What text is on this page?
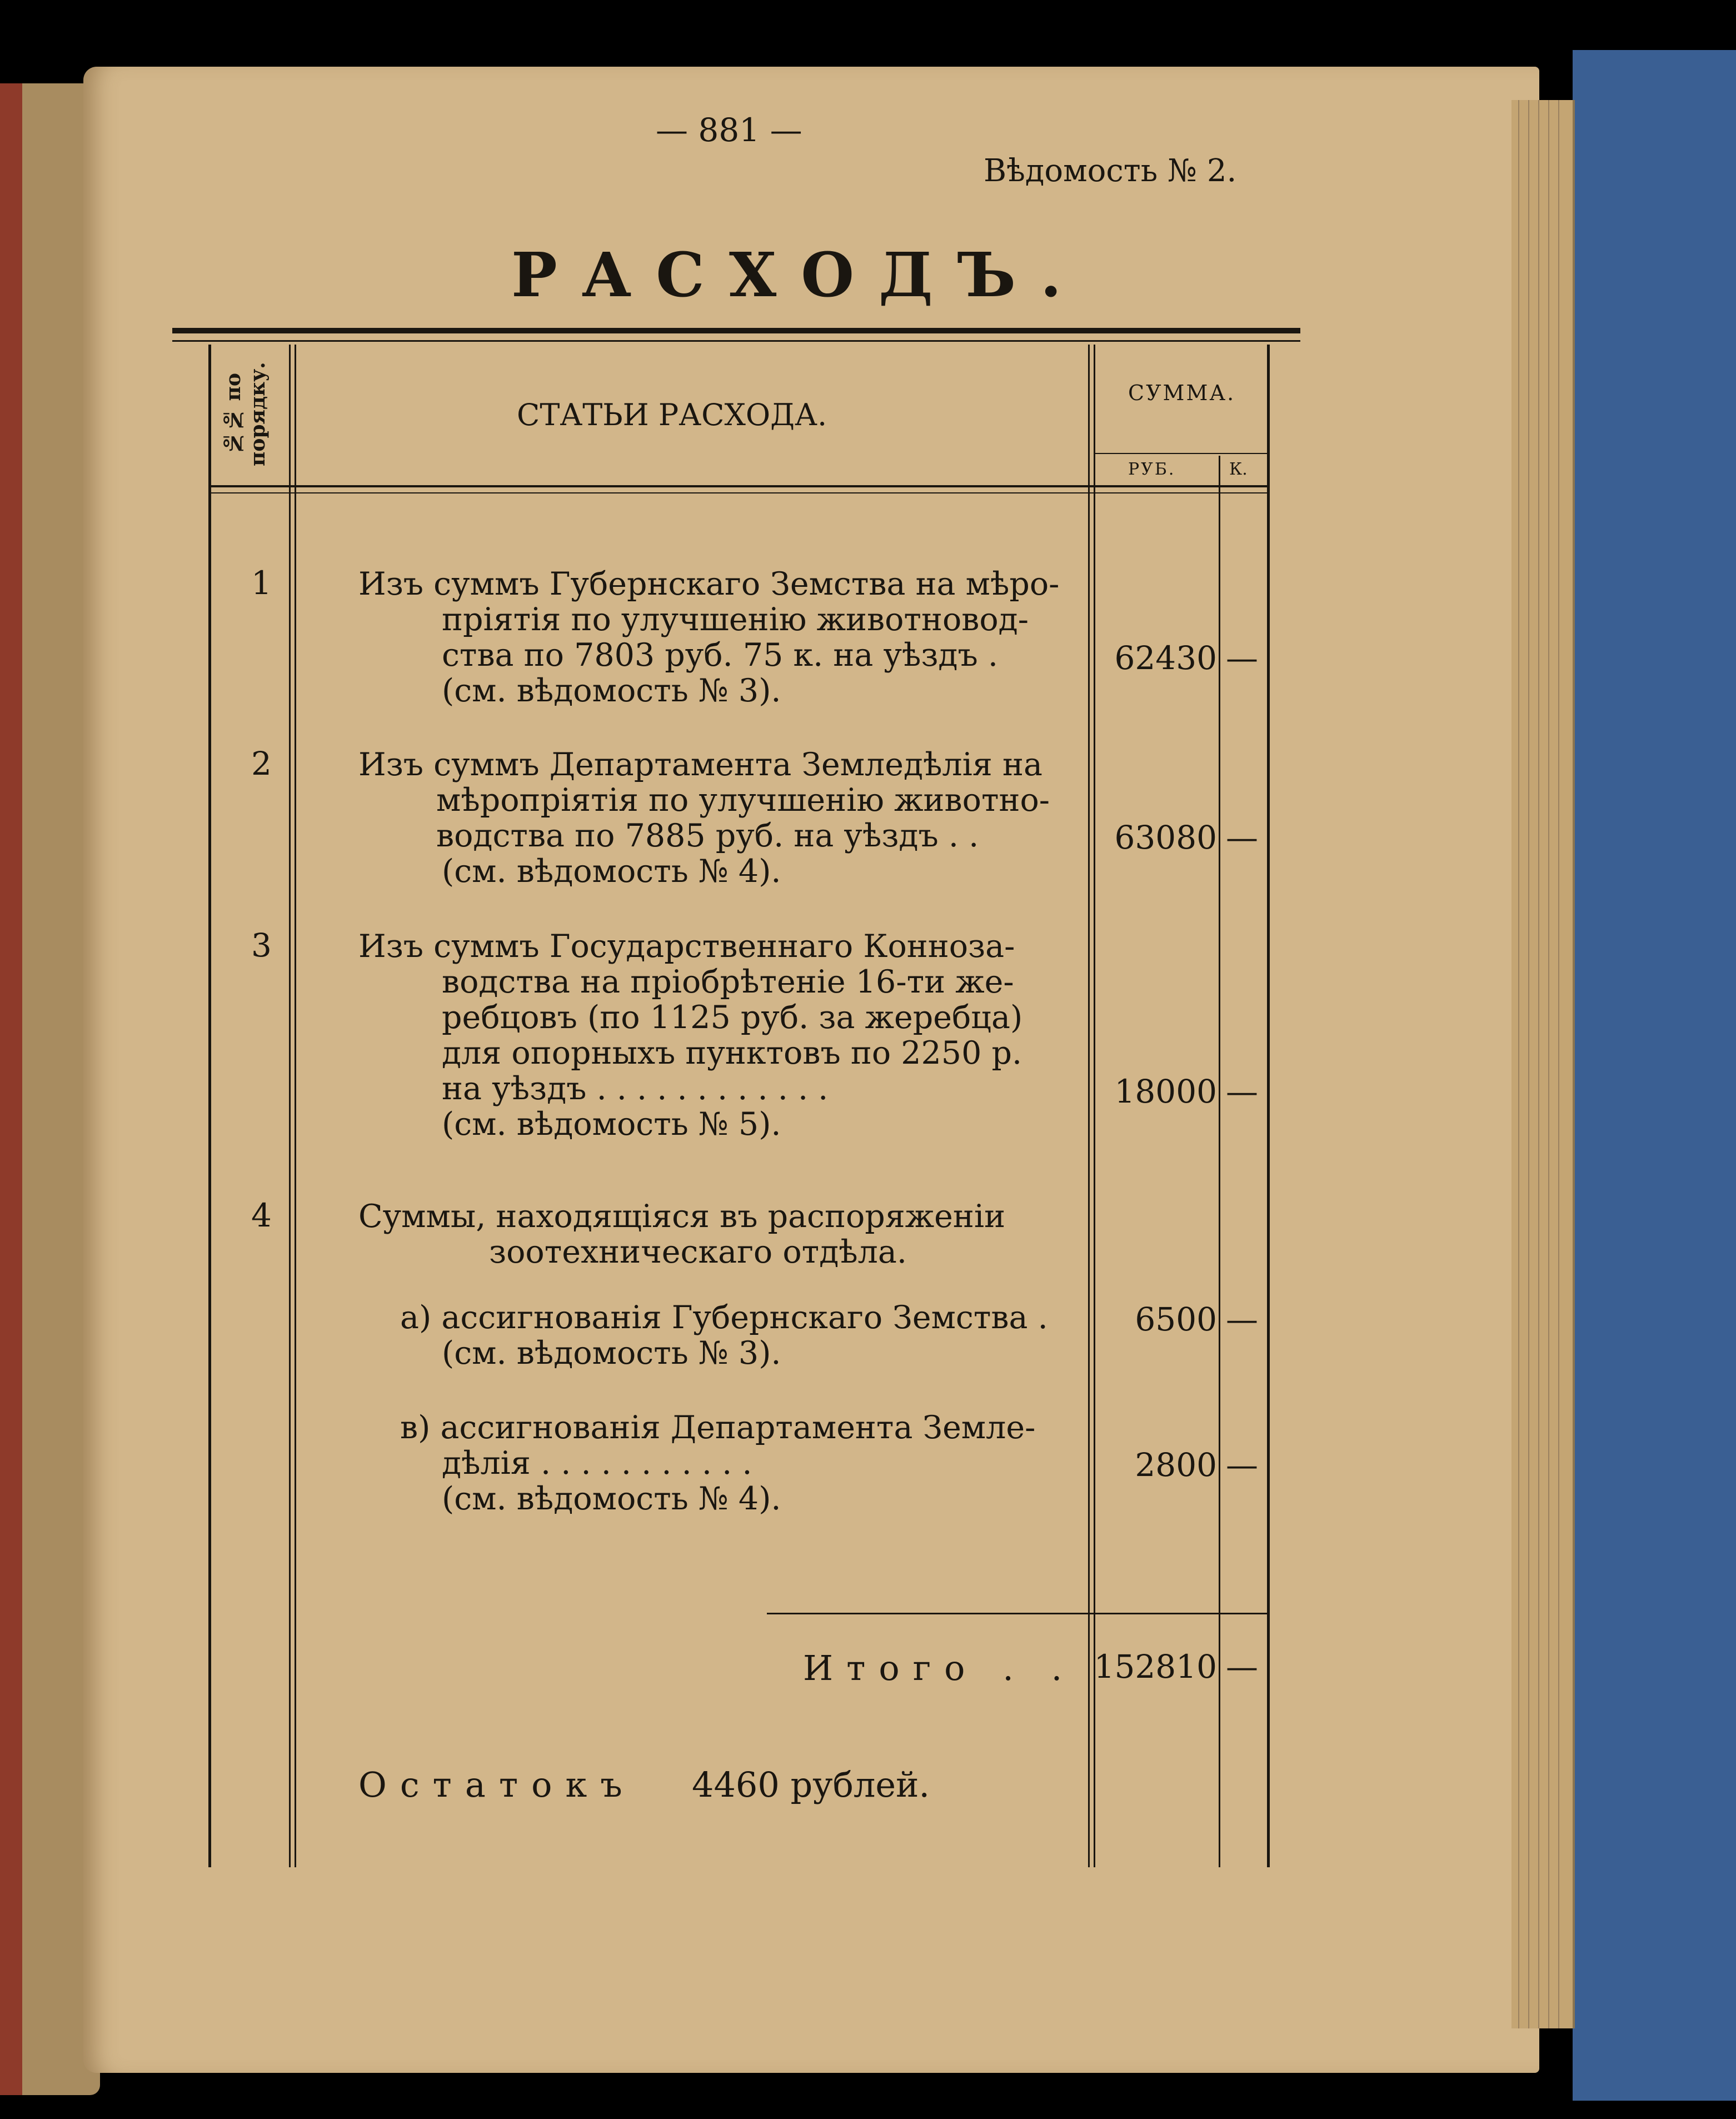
— 881 —
Вѣдомость № 2.
РАСХОДЪ.
№№ по порядку.	СТАТЬИ РАСХОДА.
СУММА.
РУБ.	К.
1	Изъ суммъ Губернскаго Земства на мѣро-
пріятія по улучшенію животновод-
ства по 7803 руб. 75 к. на уѣздъ .
(см. вѣдомость № 3).
62430 —
2	Изъ суммъ Департамента Земледѣлія на
мѣропріятія по улучшенію животно-
водства по 7885 руб. на уѣздъ . .
(см. вѣдомость № 4).
63080 —
3	Изъ суммъ Государственнаго Конноза-
водства на пріобрѣтеніе 16-ти же-
ребцовъ (по 1125 руб. за жеребца)
для опорныхъ пунктовъ по 2250 р.
на уѣздъ . . . . . . . . . . . .
(см. вѣдомость № 5).
18000 —
4	Суммы, находящіяся въ распоряженіи
зоотехническаго отдѣла.
а) ассигнованія Губернскаго Земства .
(см. вѣдомость № 3).
6500 —
в) ассигнованія Департамента Земле-
дѣлія . . . . . . . . . . .
(см. вѣдомость № 4).
2800 —
Итого . . 152810 —
Остатокъ 4460 рублей.
